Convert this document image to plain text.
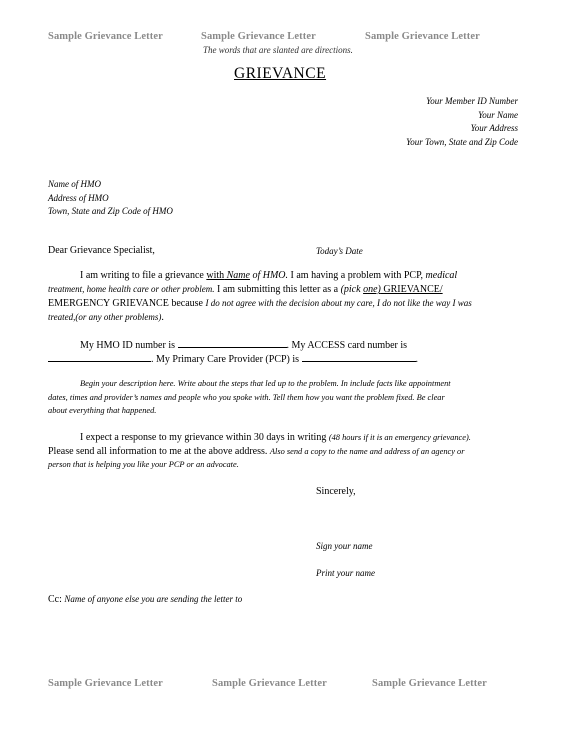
Sample Grievance Letter	Sample Grievance Letter	Sample Grievance Letter
The words that are slanted are directions.
GRIEVANCE
Your Member ID Number
Your Name
Your Address
Your Town, State and Zip Code
Name of HMO
Address of HMO
Town, State and Zip Code of HMO
Dear Grievance Specialist,	Today’s Date
I am writing to file a grievance with Name of HMO. I am having a problem with PCP, medical
treatment, home health care or other problem. I am submitting this letter as a (pick one) GRIEVANCE/
EMERGENCY GRIEVANCE because I do not agree with the decision about my care, I do not like the way I was
treated,(or any other problems).
My HMO ID number is	. My ACCESS card number is
. My Primary Care Provider (PCP) is	.
Begin your description here. Write about the steps that led up to the problem. In include facts like appointment
dates, times and provider’s names and people who you spoke with. Tell them how you want the problem fixed. Be clear
about everything that happened.
I expect a response to my grievance within 30 days in writing (48 hours if it is an emergency grievance).
Please send all information to me at the above address. Also send a copy to the name and address of an agency or
person that is helping you like your PCP or an advocate.
Sincerely,
Sign your name
Print your name
Cc: Name of anyone else you are sending the letter to
Sample Grievance Letter	Sample Grievance Letter	Sample Grievance Letter
